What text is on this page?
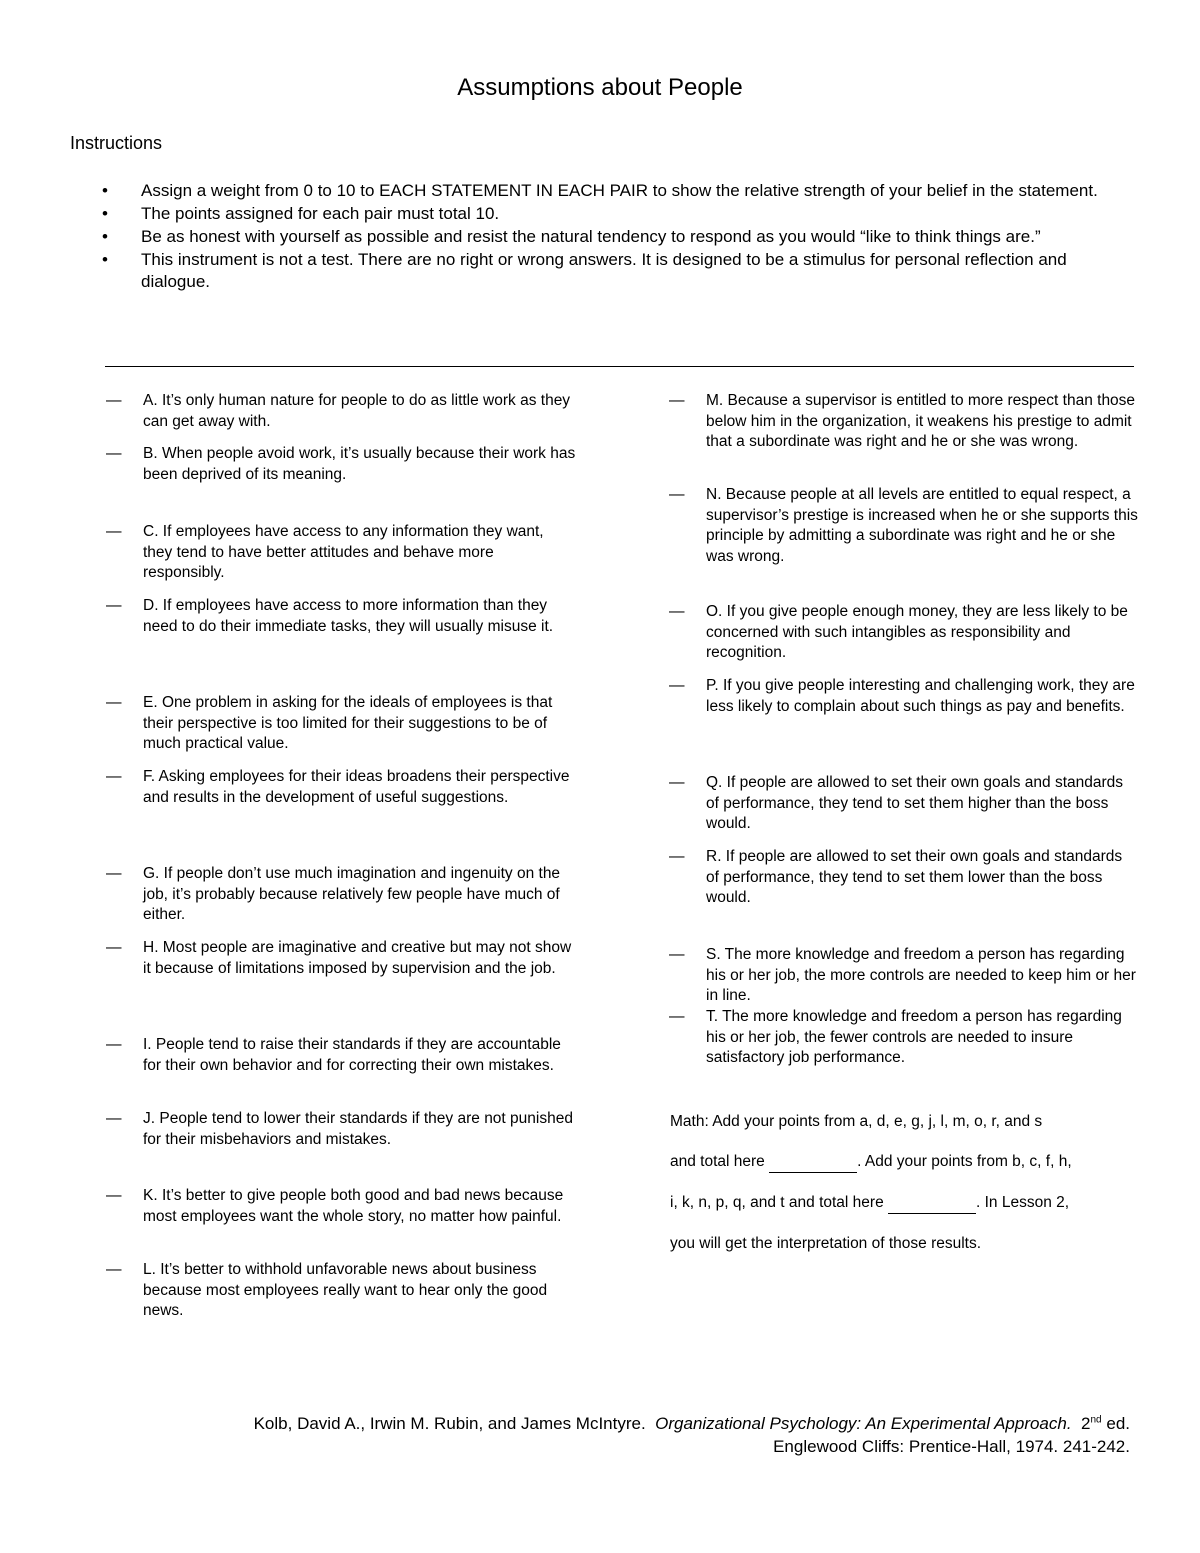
Assumptions about People
Instructions
• Assign a weight from 0 to 10 to EACH STATEMENT IN EACH PAIR to show the relative strength of your belief in the statement.
• The points assigned for each pair must total 10.
• Be as honest with yourself as possible and resist the natural tendency to respond as you would “like to think things are.”
• This instrument is not a test. There are no right or wrong answers. It is designed to be a stimulus for personal reflection and dialogue.
— A. It’s only human nature for people to do as little work as they can get away with.
— B. When people avoid work, it’s usually because their work has been deprived of its meaning.
— C. If employees have access to any information they want, they tend to have better attitudes and behave more responsibly.
— D. If employees have access to more information than they need to do their immediate tasks, they will usually misuse it.
— E. One problem in asking for the ideals of employees is that their perspective is too limited for their suggestions to be of much practical value.
— F. Asking employees for their ideas broadens their perspective and results in the development of useful suggestions.
— G. If people don’t use much imagination and ingenuity on the job, it’s probably because relatively few people have much of either.
— H. Most people are imaginative and creative but may not show it because of limitations imposed by supervision and the job.
— I. People tend to raise their standards if they are accountable for their own behavior and for correcting their own mistakes.
— J. People tend to lower their standards if they are not punished for their misbehaviors and mistakes.
— K. It’s better to give people both good and bad news because most employees want the whole story, no matter how painful.
— L. It’s better to withhold unfavorable news about business because most employees really want to hear only the good news.
— M. Because a supervisor is entitled to more respect than those below him in the organization, it weakens his prestige to admit that a subordinate was right and he or she was wrong.
— N. Because people at all levels are entitled to equal respect, a supervisor’s prestige is increased when he or she supports this principle by admitting a subordinate was right and he or she was wrong.
— O. If you give people enough money, they are less likely to be concerned with such intangibles as responsibility and recognition.
— P. If you give people interesting and challenging work, they are less likely to complain about such things as pay and benefits.
— Q. If people are allowed to set their own goals and standards of performance, they tend to set them higher than the boss would.
— R. If people are allowed to set their own goals and standards of performance, they tend to set them lower than the boss would.
— S. The more knowledge and freedom a person has regarding his or her job, the more controls are needed to keep him or her in line.
— T. The more knowledge and freedom a person has regarding his or her job, the fewer controls are needed to insure satisfactory job performance.
Math: Add your points from a, d, e, g, j, l, m, o, r, and s
and total here	. Add your points from b, c, f, h,
i, k, n, p, q, and t and total here	. In Lesson 2,
you will get the interpretation of those results.
Kolb, David A., Irwin M. Rubin, and James McIntyre. Organizational Psychology: An Experimental Approach. 2nd ed.
Englewood Cliffs: Prentice-Hall, 1974. 241-242.
